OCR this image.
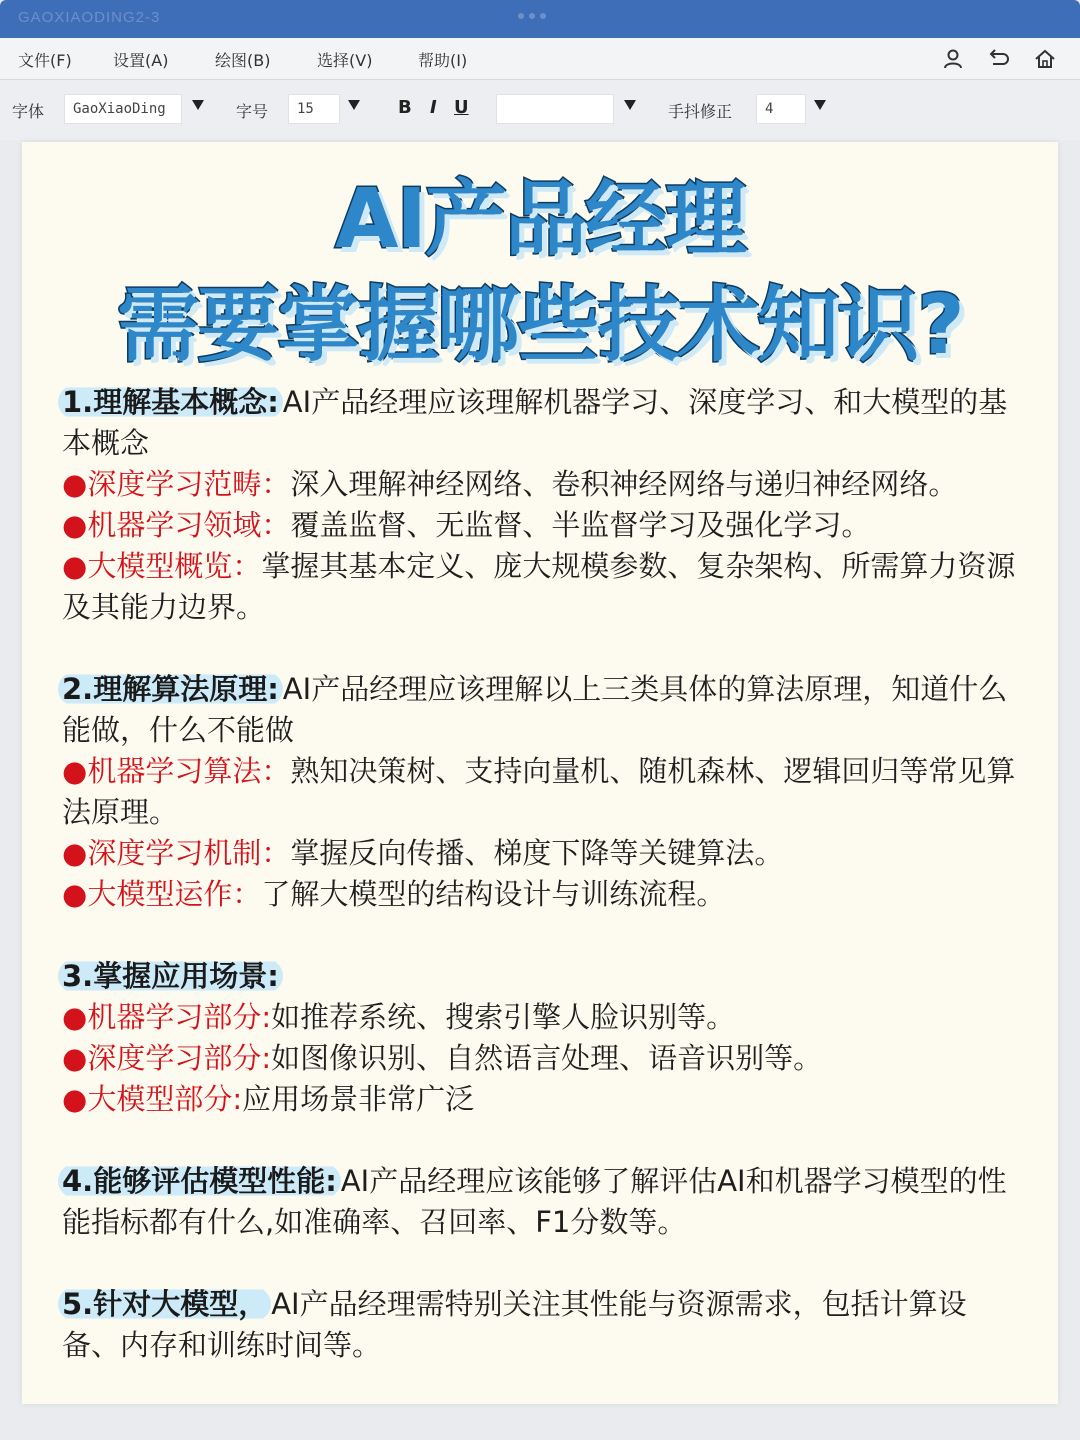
GAOXIAODING2-3
文件(F)	设置(A)	绘图(B)	选择(V)	帮助(I)
字体	GaoXiaoDing	字号	15	B I U	手抖修正	4
AI产品经理
需要掌握哪些技术知识?
1.理解基本概念: AI产品经理应该理解机器学习、深度学习、和大模型的基本概念
●深度学习范畴：深入理解神经网络、卷积神经网络与递归神经网络。
●机器学习领域：覆盖监督、无监督、半监督学习及强化学习。
●大模型概览：掌握其基本定义、庞大规模参数、复杂架构、所需算力资源及其能力边界。
2.理解算法原理: AI产品经理应该理解以上三类具体的算法原理，知道什么能做，什么不能做
●机器学习算法：熟知决策树、支持向量机、随机森林、逻辑回归等常见算法原理。
●深度学习机制：掌握反向传播、梯度下降等关键算法。
●大模型运作：了解大模型的结构设计与训练流程。
3.掌握应用场景:
●机器学习部分:如推荐系统、搜索引擎人脸识别等。
●深度学习部分:如图像识别、自然语言处理、语音识别等。
●大模型部分:应用场景非常广泛
4.能够评估模型性能: AI产品经理应该能够了解评估AI和机器学习模型的性能指标都有什么,如准确率、召回率、F1分数等。
5.针对大模型， AI产品经理需特别关注其性能与资源需求，包括计算设备、内存和训练时间等。
